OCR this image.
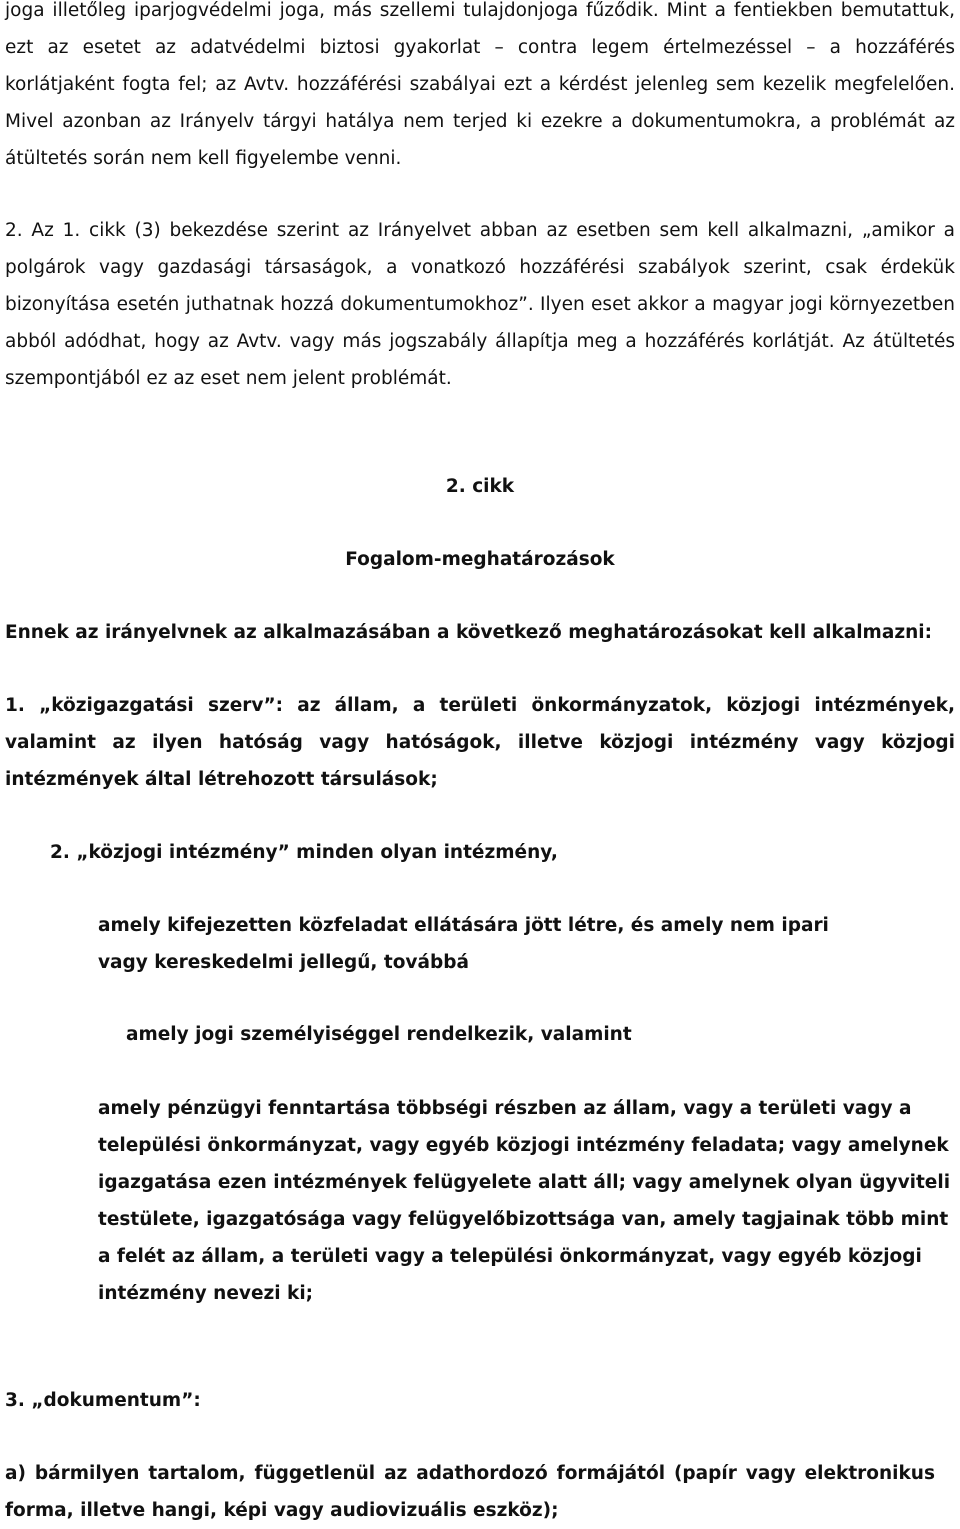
joga illetőleg iparjogvédelmi joga, más szellemi tulajdonjoga fűződik. Mint a fentiekben bemutattuk, ezt az esetet az adatvédelmi biztosi gyakorlat – contra legem értelmezéssel – a hozzáférés korlátjaként fogta fel; az Avtv. hozzáférési szabályai ezt a kérdést jelenleg sem kezelik megfelelően. Mivel azonban az Irányelv tárgyi hatálya nem terjed ki ezekre a dokumentumokra, a problémát az átültetés során nem kell figyelembe venni.

2. Az 1. cikk (3) bekezdése szerint az Irányelvet abban az esetben sem kell alkalmazni, „amikor a polgárok vagy gazdasági társaságok, a vonatkozó hozzáférési szabályok szerint, csak érdekük bizonyítása esetén juthatnak hozzá dokumentumokhoz”. Ilyen eset akkor a magyar jogi környezetben abból adódhat, hogy az Avtv. vagy más jogszabály állapítja meg a hozzáférés korlátját. Az átültetés szempontjából ez az eset nem jelent problémát.

2. cikk

Fogalom-meghatározások

Ennek az irányelvnek az alkalmazásában a következő meghatározásokat kell alkalmazni:

1. „közigazgatási szerv”: az állam, a területi önkormányzatok, közjogi intézmények, valamint az ilyen hatóság vagy hatóságok, illetve közjogi intézmény vagy közjogi intézmények által létrehozott társulások;

2. „közjogi intézmény” minden olyan intézmény,

amely kifejezetten közfeladat ellátására jött létre, és amely nem ipari vagy kereskedelmi jellegű, továbbá

amely jogi személyiséggel rendelkezik, valamint

amely pénzügyi fenntartása többségi részben az állam, vagy a területi vagy a települési önkormányzat, vagy egyéb közjogi intézmény feladata; vagy amelynek igazgatása ezen intézmények felügyelete alatt áll; vagy amelynek olyan ügyviteli testülete, igazgatósága vagy felügyelőbizottsága van, amely tagjainak több mint a felét az állam, a területi vagy a települési önkormányzat, vagy egyéb közjogi intézmény nevezi ki;

3. „dokumentum”:

a) bármilyen tartalom, függetlenül az adathordozó formájától (papír vagy elektronikus forma, illetve hangi, képi vagy audiovizuális eszköz);
